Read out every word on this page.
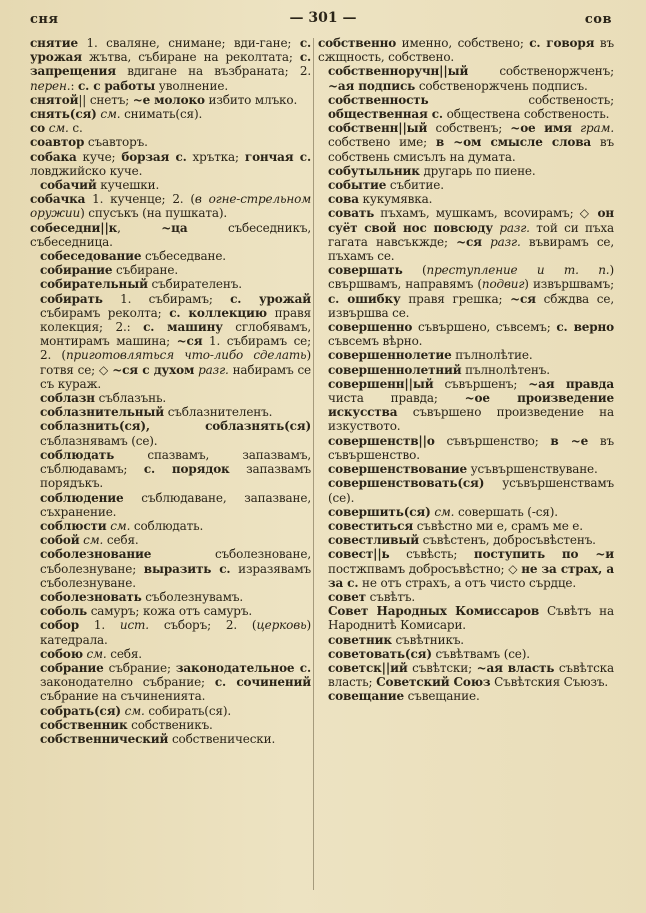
сня	— 301 —	сов
снятие 1. сваляне, снимане; вди-гане; с. урожая жътва, събиране на реколтата; с. запрещения вдигане на възбраната; 2. перен.: с. с работы уволнение.
снятой|| снетъ; ~е молоко избито млъко.
снять(ся) см. снимать(ся).
со см. с.
соавтор съавторъ.
собака куче; борзая с. хрътка; гончая с. ловджийско куче.
собачий кучешки.
собачка 1. кученце; 2. (в огне-стрельном оружии) спусъкъ (на пушката).
собеседни||к, ~ца събеседникъ, събеседница.
собеседование събеседване.
собирание събиране.
собирательный събирателенъ.
собирать 1. събирамъ; с. урожай събирамъ реколта; с. коллекцию правя колекция; 2.: с. машину сглобявамъ, монтирамъ машина; ~ся 1. събирамъ се; 2. (приготовляться что-либо сделать) готвя се; ◇ ~ся с духом разг. набирамъ се съ кураж.
соблазн съблазънь.
соблазнительный съблазнителенъ.
соблазнить(ся), соблазнять(ся) съблазнявамъ (се).
соблюдать спазвамъ, запазвамъ, съблюдавамъ; с. порядок запазвамъ порядъкъ.
соблюдение съблюдаване, запазване, съхранение.
соблюсти см. соблюдать.
собой см. себя.
соболезнование съболезноване, съболезнуване; выразить с. изразявамъ съболезнуване.
соболезновать съболезнувамъ.
соболь самуръ; кожа отъ самуръ.
собор 1. ист. съборъ; 2. (церковь) катедрала.
собою см. себя.
собрание събрание; законодательное с. законодателно събрание; с. сочинений събрание на съчиненията.
собрать(ся) см. собирать(ся).
собственник собственикъ.
собственнический собственически.
собственно именно, собствено; с. говоря въ сжщность, собствено.
собственноручн||ый собственоржченъ; ~ая подпись собственоржчень подписъ.
собственность собственость; общественная с. обществена собственость.
собственн||ый собственъ; ~ое имя грам. собствено име; в ~ом смысле слова въ собствень смисълъ на думата.
собутыльник другарь по пиене.
событие събитие.
сова кукумявка.
совать пъхамъ, мушкамъ, вcovирамъ; ◇ он суёт свой нос повсюду разг. той си пъха гагата навсъкжде; ~ся разг. въвирамъ се, пъхамъ се.
совершать (преступление и т. п.) свършвамъ, направямъ (подвиг) извършвамъ; с. ошибку правя грешка; ~ся сбждва се, извършва се.
совершенно съвършено, съвсемъ; с. верно съвсемъ вѣрно.
совершеннолетие пълнолѣтие.
совершеннолетний пълнолѣтенъ.
совершенн||ый съвършенъ; ~ая правда чиста правда; ~ое произведение искусства съвършено произведение на изкуството.
совершенств||о съвършенство; в ~е въ съвършенство.
совершенствование усъвършенствуване.
совершенствовать(ся) усъвършенствамъ (се).
совершить(ся) см. совершать (-ся).
совеститься съвѣстно ми е, срамъ ме е.
совестливый съвѣстенъ, добросъвѣстенъ.
совест||ь съвѣсть; поступить по ~и постжпвамъ добросъвѣстно; ◇ не за страх, а за с. не отъ страхъ, а отъ чисто сърдце.
совет съвѣтъ.
Совет Народных Комиссаров Съвѣтъ на Народнитѣ Комисари.
советник съвѣтникъ.
советовать(ся) съвѣтвамъ (се).
советск||ий съвѣтски; ~ая власть съвѣтска власть; Советский Союз Съвѣтския Съюзъ.
совещание съвещание.
